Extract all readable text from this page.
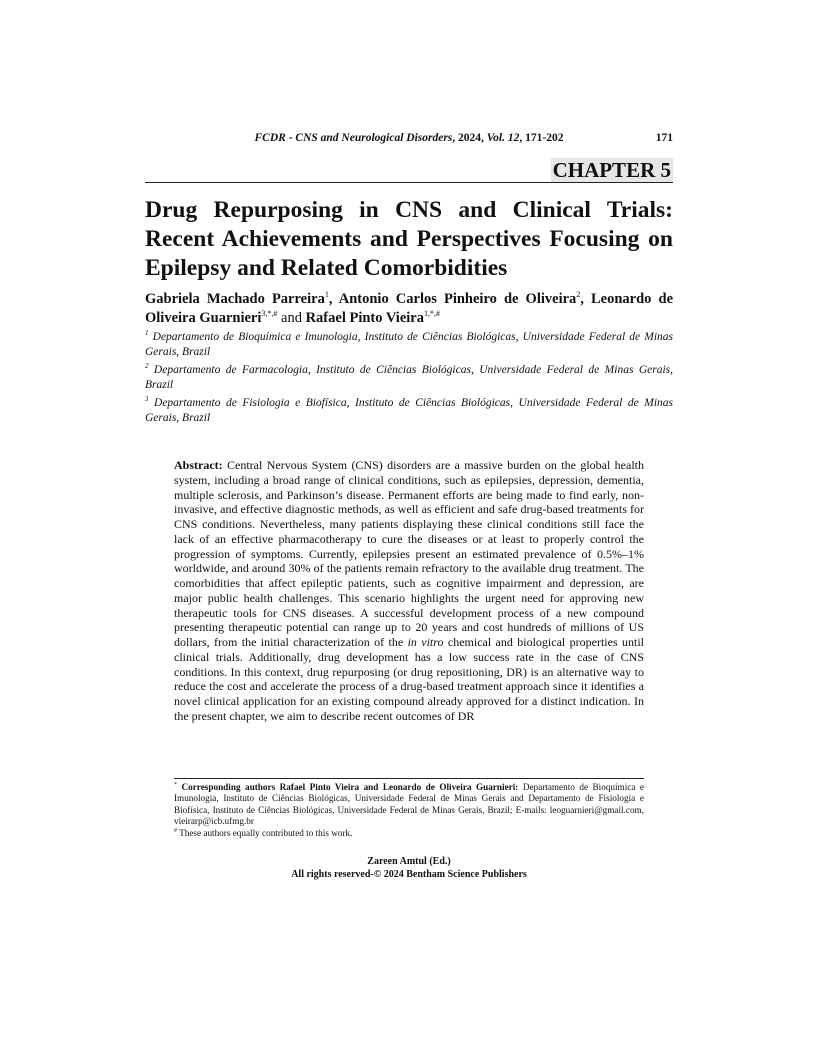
FCDR - CNS and Neurological Disorders, 2024, Vol. 12, 171-202	171
CHAPTER 5
Drug Repurposing in CNS and Clinical Trials: Recent Achievements and Perspectives Focusing on Epilepsy and Related Comorbidities

Gabriela Machado Parreira$^1$, Antonio Carlos Pinheiro de Oliveira$^2$, Leonardo de Oliveira Guarnieri$^{3,*,\#}$ and Rafael Pinto Vieira$^{1,*,\#}$

$^1$ Departamento de Bioquímica e Imunologia, Instituto de Ciências Biológicas, Universidade Federal de Minas Gerais, Brazil

$^2$ Departamento de Farmacologia, Instituto de Ciências Biológicas, Universidade Federal de Minas Gerais, Brazil

$^3$ Departamento de Fisiologia e Biofísica, Instituto de Ciências Biológicas, Universidade Federal de Minas Gerais, Brazil

Abstract: Central Nervous System (CNS) disorders are a massive burden on the global health system, including a broad range of clinical conditions, such as epilepsies, depression, dementia, multiple sclerosis, and Parkinson’s disease. Permanent efforts are being made to find early, non-invasive, and effective diagnostic methods, as well as efficient and safe drug-based treatments for CNS conditions. Nevertheless, many patients displaying these clinical conditions still face the lack of an effective pharmacotherapy to cure the diseases or at least to properly control the progression of symptoms. Currently, epilepsies present an estimated prevalence of 0.5%–1% worldwide, and around 30% of the patients remain refractory to the available drug treatment. The comorbidities that affect epileptic patients, such as cognitive impairment and depression, are major public health challenges. This scenario highlights the urgent need for approving new therapeutic tools for CNS diseases. A successful development process of a new compound presenting therapeutic potential can range up to 20 years and cost hundreds of millions of US dollars, from the initial characterization of the in vitro chemical and biological properties until clinical trials. Additionally, drug development has a low success rate in the case of CNS conditions. In this context, drug repurposing (or drug repositioning, DR) is an alternative way to reduce the cost and accelerate the process of a drug-based treatment approach since it identifies a novel clinical application for an existing compound already approved for a distinct indication. In the present chapter, we aim to describe recent outcomes of DR

* Corresponding authors Rafael Pinto Vieira and Leonardo de Oliveira Guarnieri: Departamento de Bioquímica e Imunologia, Instituto de Ciências Biológicas, Universidade Federal de Minas Gerais and Departamento de Fisiologia e Biofísica, Instituto de Ciências Biológicas, Universidade Federal de Minas Gerais, Brazil; E-mails: leoguarnieri@gmail.com, vieirarp@icb.ufmg.br

# These authors equally contributed to this work.

Zareen Amtul (Ed.)
All rights reserved-© 2024 Bentham Science Publishers
